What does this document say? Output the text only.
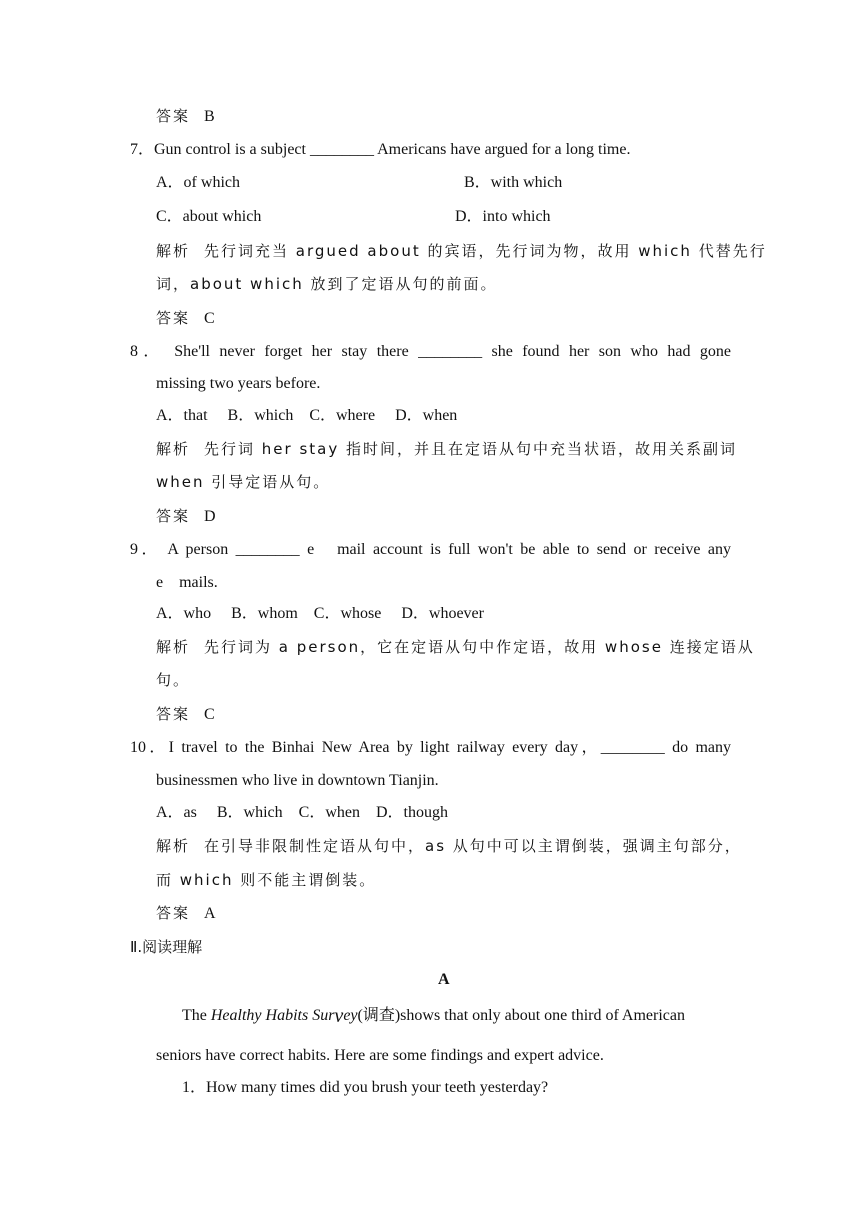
答案 B
7．Gun control is a subject ________ Americans have argued for a long time.
A．of which	B．with which
C．about which	D．into which
解析 先行词充当 argued about 的宾语，先行词为物，故用 which 代替先行
词，about which 放到了定语从句的前面。
答案 C
8． She'll never forget her stay there ________ she found her son who had gone
missing two years before.
A．that　 B．which　C．where　 D．when
解析 先行词 her stay 指时间，并且在定语从句中充当状语，故用关系副词
when 引导定语从句。
答案 D
9． A person ________ e　mail account is full won't be able to send or receive any
e　mails.
A．who　 B．whom　C．whose　 D．whoever
解析 先行词为 a person，它在定语从句中作定语，故用 whose 连接定语从
句。
答案 C
10．I travel to the Binhai New Area by light railway every day，________ do many
businessmen who live in downtown Tianjin.
A．as　 B．which　C．when　D．though
解析 在引导非限制性定语从句中，as 从句中可以主谓倒装，强调主句部分，
而 which 则不能主谓倒装。
答案 A
Ⅱ.阅读理解
A
The Healthy Habits Survey(调查)shows that only about one third of American
seniors have correct habits. Here are some findings and expert advice.
1．How many times did you brush your teeth yesterday?
